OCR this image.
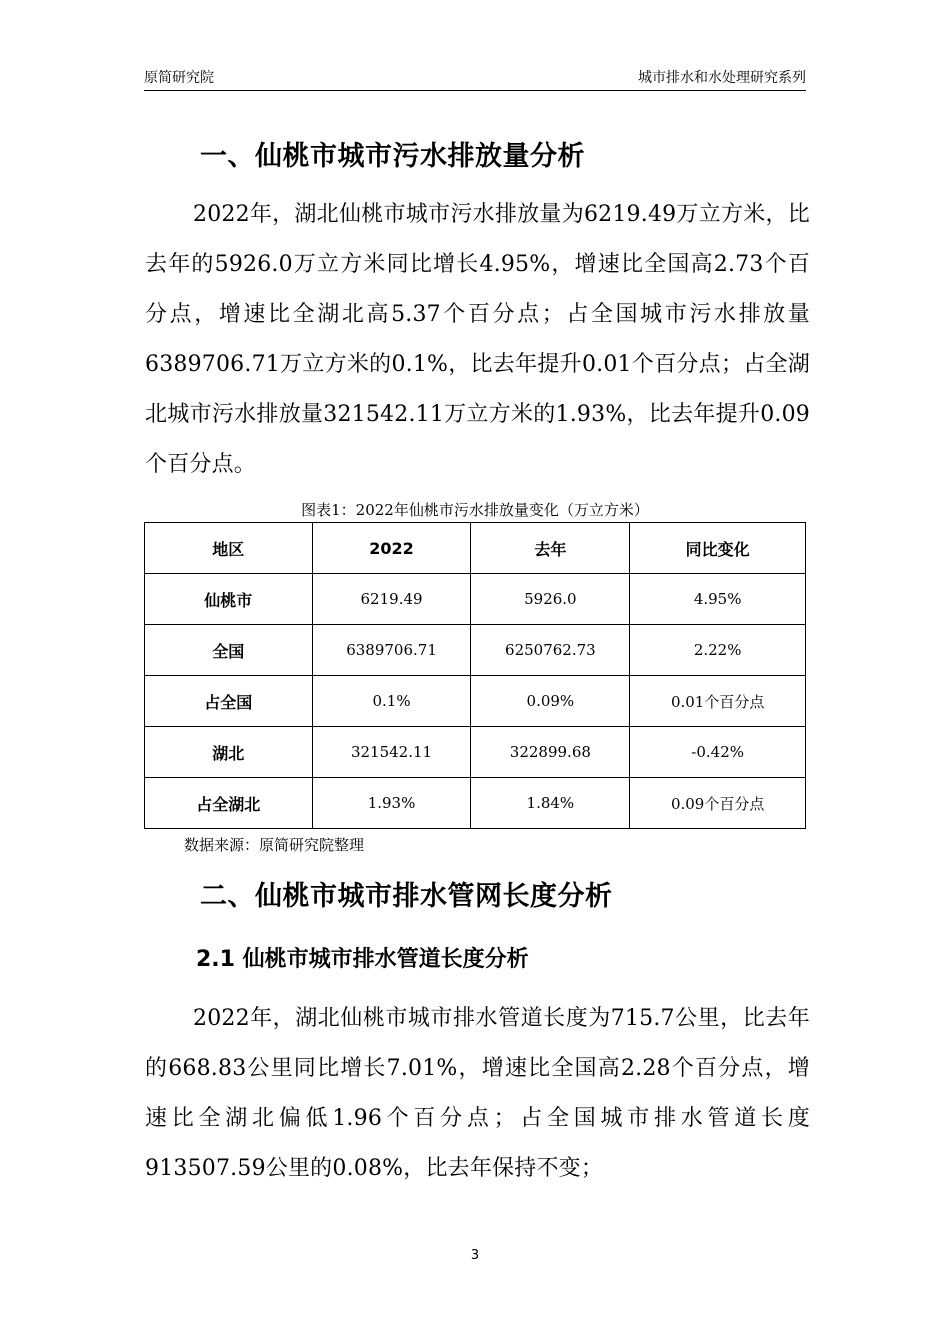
原简研究院	城市排水和水处理研究系列
一、仙桃市城市污水排放量分析
2022年，湖北仙桃市城市污水排放量为6219.49万立方米，比去年的5926.0万立方米同比增长4.95%，增速比全国高2.73个百分点，增速比全湖北高5.37个百分点；占全国城市污水排放量6389706.71万立方米的0.1%，比去年提升0.01个百分点；占全湖北城市污水排放量321542.11万立方米的1.93%，比去年提升0.09个百分点。
图表1：2022年仙桃市污水排放量变化（万立方米）
地区	2022	去年	同比变化
仙桃市	6219.49	5926.0	4.95%
全国	6389706.71	6250762.73	2.22%
占全国	0.1%	0.09%	0.01个百分点
湖北	321542.11	322899.68	-0.42%
占全湖北	1.93%	1.84%	0.09个百分点
数据来源：原简研究院整理
二、仙桃市城市排水管网长度分析
2.1 仙桃市城市排水管道长度分析
2022年，湖北仙桃市城市排水管道长度为715.7公里，比去年的668.83公里同比增长7.01%，增速比全国高2.28个百分点，增速比全湖北偏低1.96个百分点；占全国城市排水管道长度913507.59公里的0.08%，比去年保持不变；
3
